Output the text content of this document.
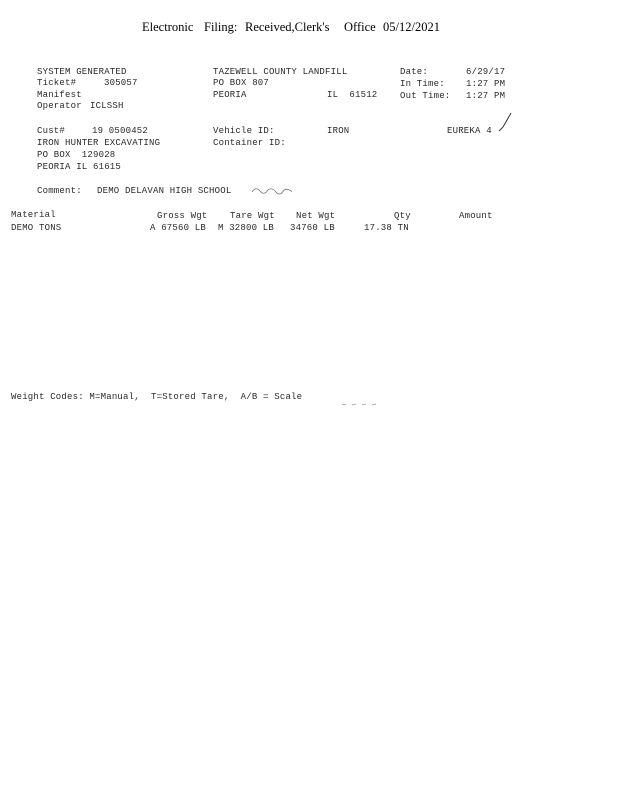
Electronic Filing: Received,Clerk's Office 05/12/2021
SYSTEM GENERATED
Ticket#	305057
Manifest
Operator ICLSSH
TAZEWELL COUNTY LANDFILL
PO BOX 807
PEORIA	IL  61512
Date:	6/29/17
In Time: 1:27 PM
Out Time: 1:27 PM
Cust#	19 0500452
IRON HUNTER EXCAVATING
PO BOX  129028
PEORIA IL 61615
Vehicle ID:	IRON
Container ID:
EUREKA 4
Comment: DEMO DELAVAN HIGH SCHOOL
Material	Gross Wgt	Tare Wgt Net Wgt	Qty	Amount
DEMO TONS	A 67560 LB M 32800 LB 34760 LB	17.38 TN
Weight Codes: M=Manual,  T=Stored Tare,  A/B = Scale
